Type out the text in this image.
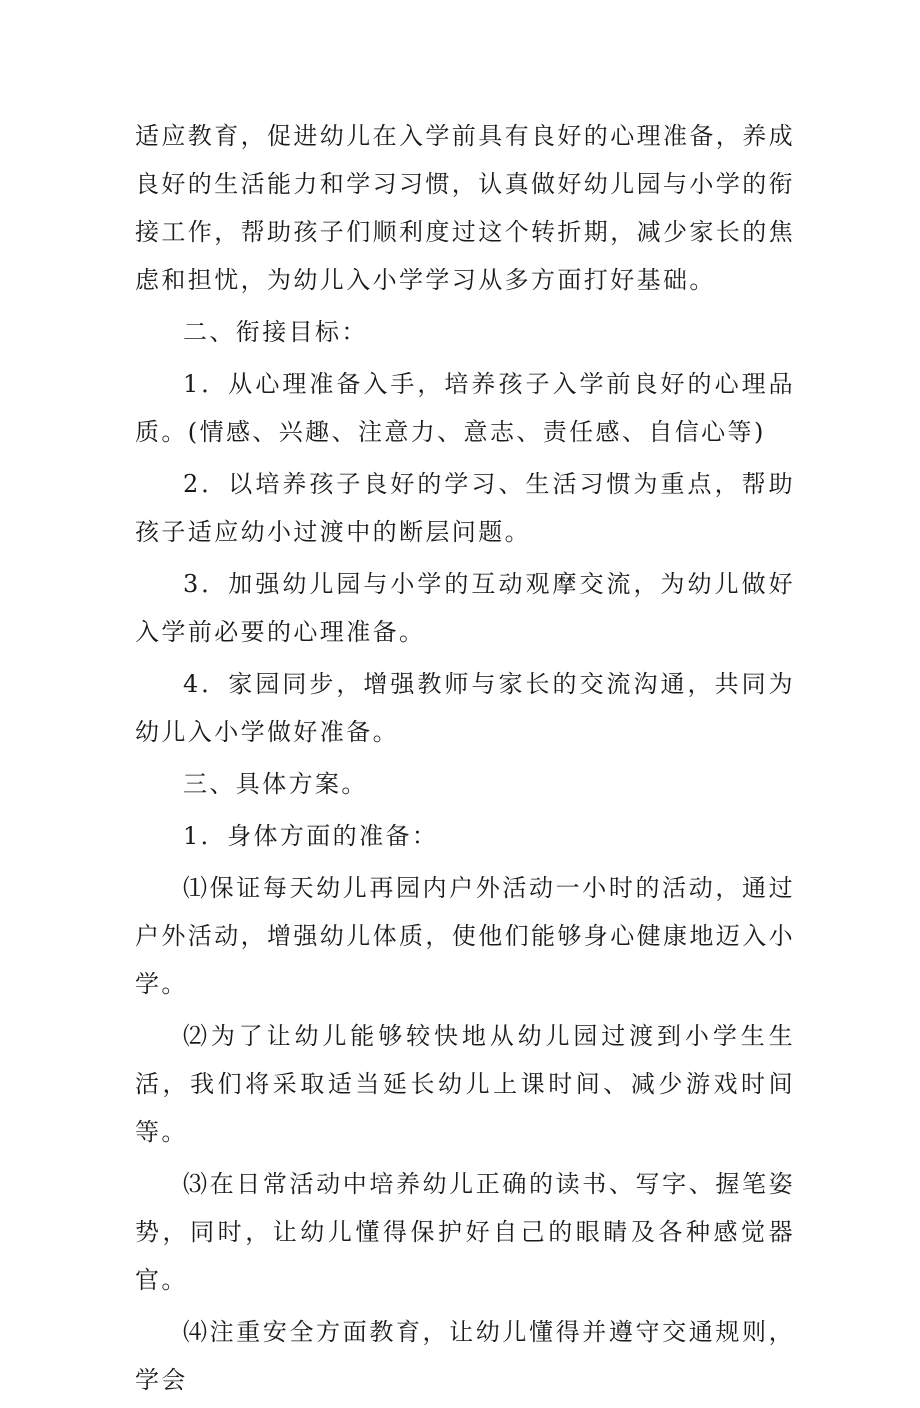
适应教育，促进幼儿在入学前具有良好的心理准备，养成良好的生活能力和学习习惯，认真做好幼儿园与小学的衔接工作，帮助孩子们顺利度过这个转折期，减少家长的焦虑和担忧，为幼儿入小学学习从多方面打好基础。

二、衔接目标：

1．从心理准备入手，培养孩子入学前良好的心理品质。(情感、兴趣、注意力、意志、责任感、自信心等)

2．以培养孩子良好的学习、生活习惯为重点，帮助孩子适应幼小过渡中的断层问题。

3．加强幼儿园与小学的互动观摩交流，为幼儿做好入学前必要的心理准备。

4．家园同步，增强教师与家长的交流沟通，共同为幼儿入小学做好准备。

三、具体方案。

1．身体方面的准备：

⑴保证每天幼儿再园内户外活动一小时的活动，通过户外活动，增强幼儿体质，使他们能够身心健康地迈入小学。

⑵为了让幼儿能够较快地从幼儿园过渡到小学生生活，我们将采取适当延长幼儿上课时间、减少游戏时间等。

⑶在日常活动中培养幼儿正确的读书、写字、握笔姿势，同时，让幼儿懂得保护好自己的眼睛及各种感觉器官。

⑷注重安全方面教育，让幼儿懂得并遵守交通规则，学会
